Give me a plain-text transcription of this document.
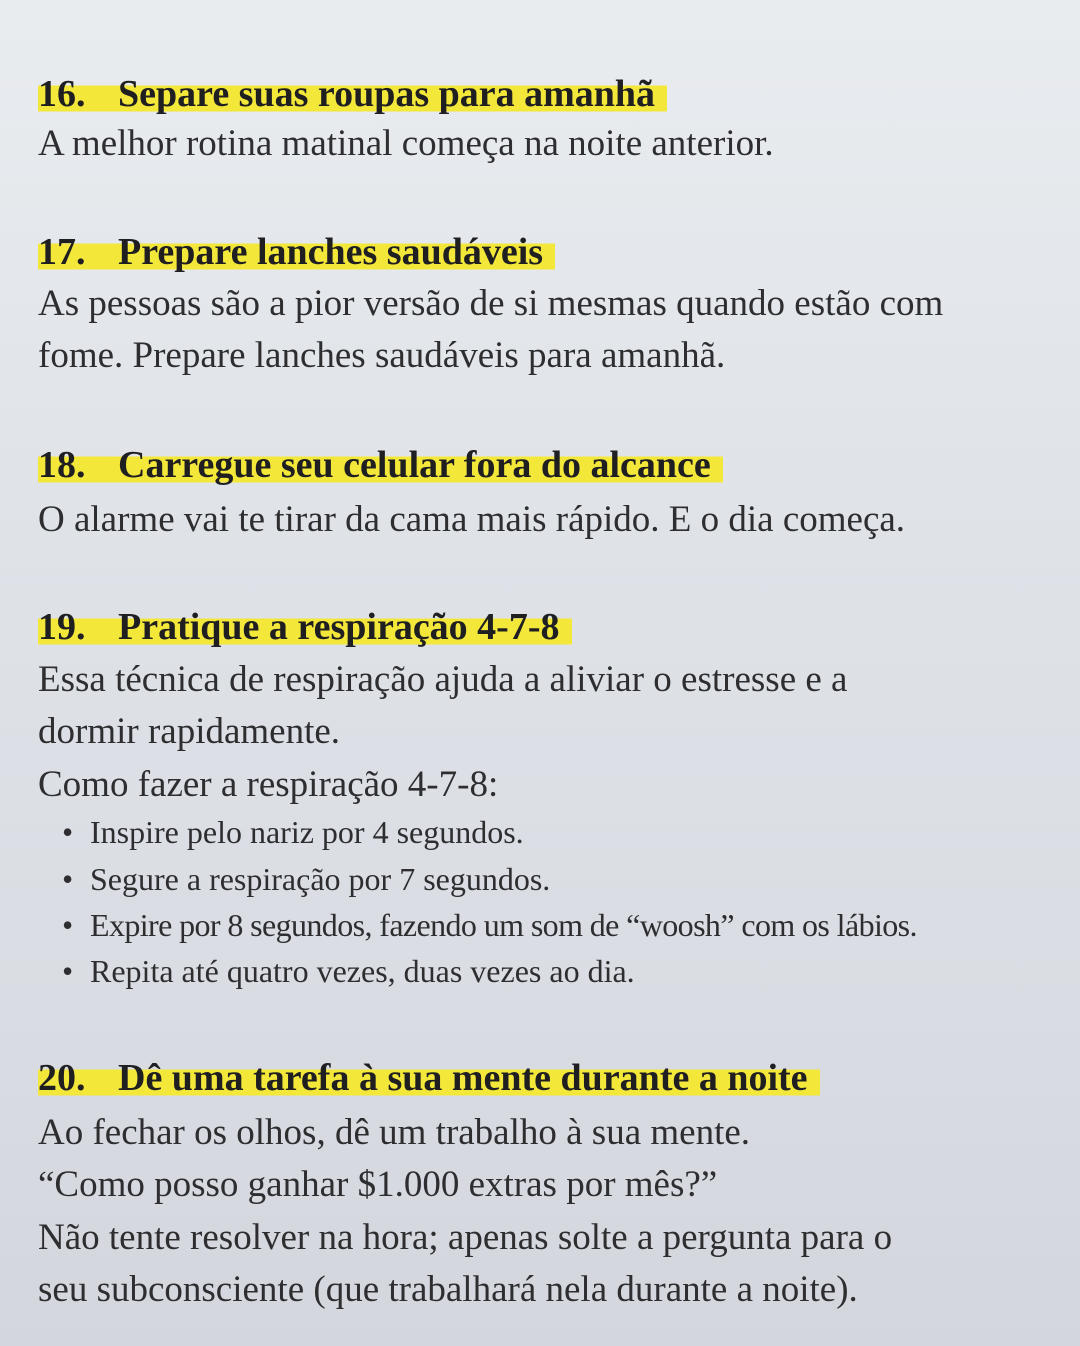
16. Separe suas roupas para amanhã
A melhor rotina matinal começa na noite anterior.
17. Prepare lanches saudáveis
As pessoas são a pior versão de si mesmas quando estão com
fome. Prepare lanches saudáveis para amanhã.
18. Carregue seu celular fora do alcance
O alarme vai te tirar da cama mais rápido. E o dia começa.
19. Pratique a respiração 4-7-8
Essa técnica de respiração ajuda a aliviar o estresse e a
dormir rapidamente.
Como fazer a respiração 4-7-8:
• Inspire pelo nariz por 4 segundos.
• Segure a respiração por 7 segundos.
• Expire por 8 segundos, fazendo um som de “woosh” com os lábios.
• Repita até quatro vezes, duas vezes ao dia.
20. Dê uma tarefa à sua mente durante a noite
Ao fechar os olhos, dê um trabalho à sua mente.
“Como posso ganhar $1.000 extras por mês?”
Não tente resolver na hora; apenas solte a pergunta para o
seu subconsciente (que trabalhará nela durante a noite).
